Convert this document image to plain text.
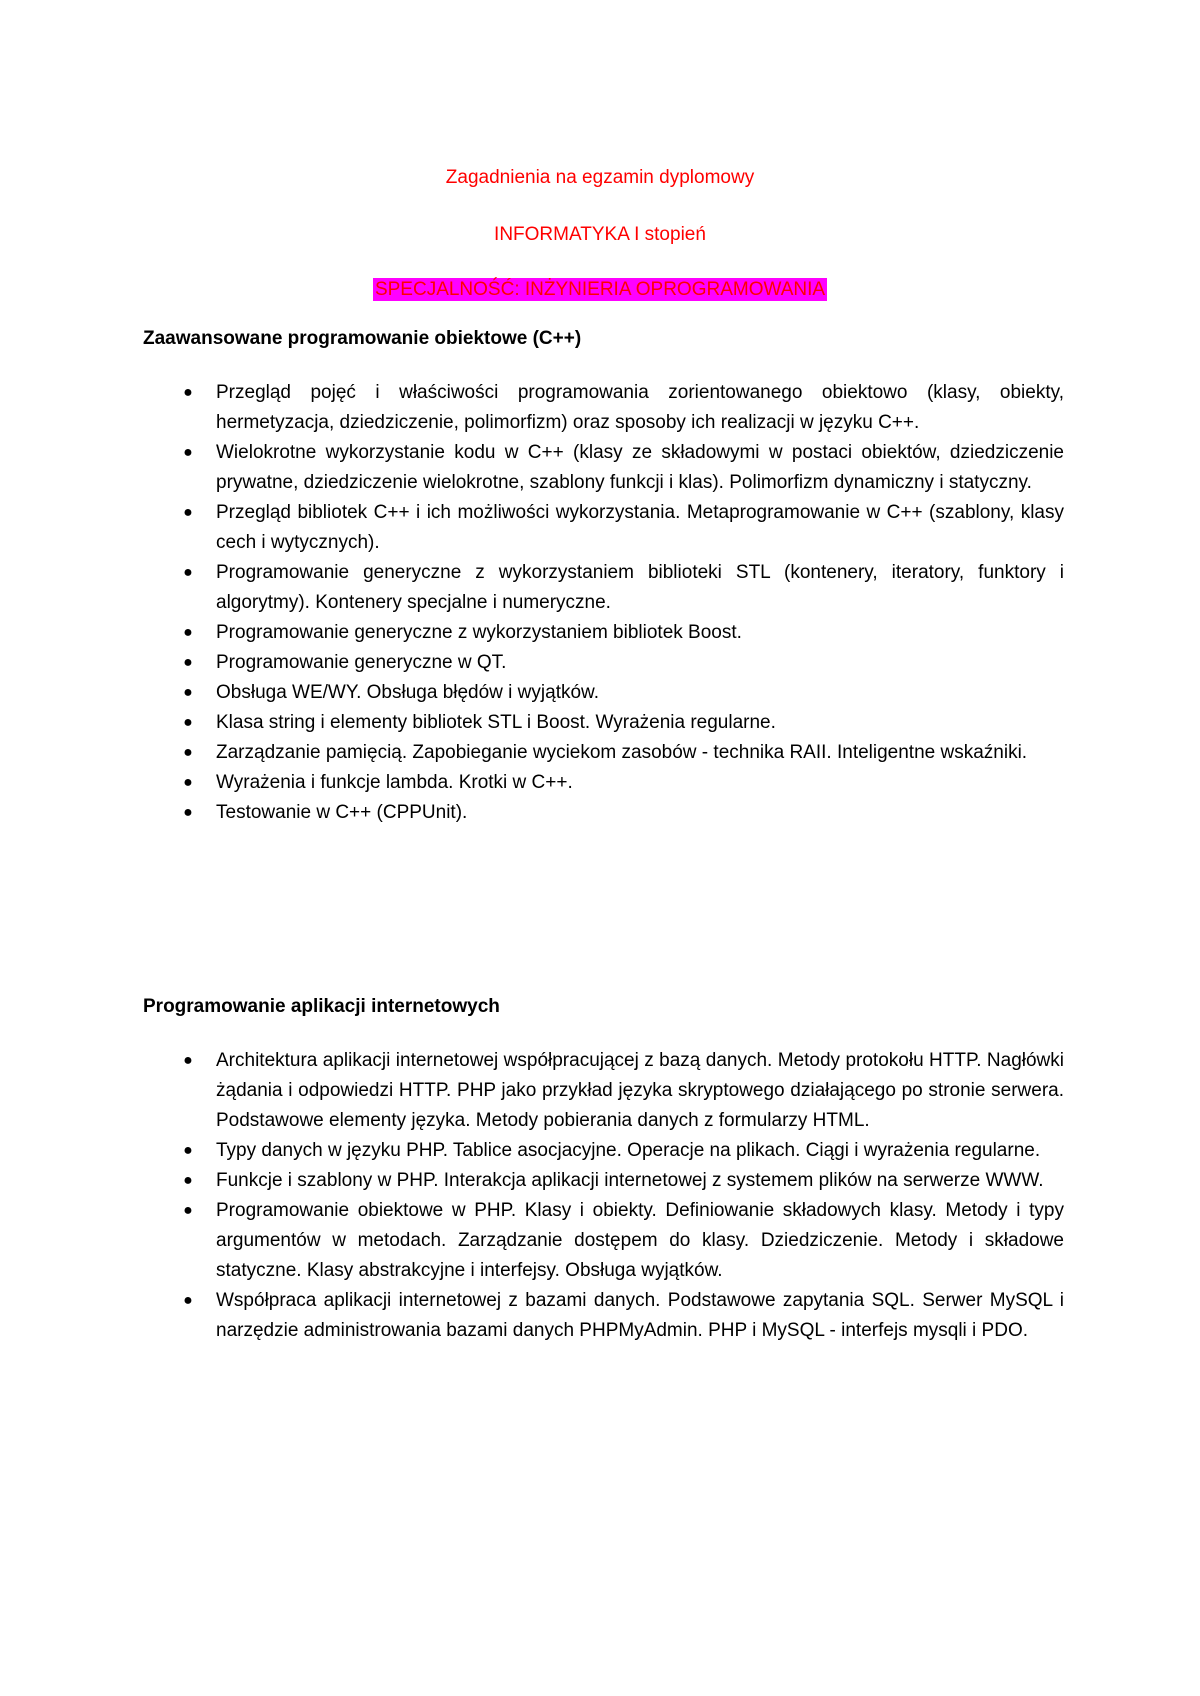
Zagadnienia na egzamin dyplomowy
INFORMATYKA I stopień
SPECJALNOŚĆ: INŻYNIERIA OPROGRAMOWANIA
Zaawansowane programowanie obiektowe (C++)
● Przegląd pojęć i właściwości programowania zorientowanego obiektowo (klasy, obiekty, hermetyzacja, dziedziczenie, polimorfizm) oraz sposoby ich realizacji w języku C++.
● Wielokrotne wykorzystanie kodu w C++ (klasy ze składowymi w postaci obiektów, dziedziczenie prywatne, dziedziczenie wielokrotne, szablony funkcji i klas). Polimorfizm dynamiczny i statyczny.
● Przegląd bibliotek C++ i ich możliwości wykorzystania. Metaprogramowanie w C++ (szablony, klasy cech i wytycznych).
● Programowanie generyczne z wykorzystaniem biblioteki STL (kontenery, iteratory, funktory i algorytmy). Kontenery specjalne i numeryczne.
● Programowanie generyczne z wykorzystaniem bibliotek Boost.
● Programowanie generyczne w QT.
● Obsługa WE/WY. Obsługa błędów i wyjątków.
● Klasa string i elementy bibliotek STL i Boost. Wyrażenia regularne.
● Zarządzanie pamięcią. Zapobieganie wyciekom zasobów - technika RAII. Inteligentne wskaźniki.
● Wyrażenia i funkcje lambda. Krotki w C++.
● Testowanie w C++ (CPPUnit).
Programowanie aplikacji internetowych
● Architektura aplikacji internetowej współpracującej z bazą danych. Metody protokołu HTTP. Nagłówki żądania i odpowiedzi HTTP. PHP jako przykład języka skryptowego działającego po stronie serwera. Podstawowe elementy języka. Metody pobierania danych z formularzy HTML.
● Typy danych w języku PHP. Tablice asocjacyjne. Operacje na plikach. Ciągi i wyrażenia regularne.
● Funkcje i szablony w PHP. Interakcja aplikacji internetowej z systemem plików na serwerze WWW.
● Programowanie obiektowe w PHP. Klasy i obiekty. Definiowanie składowych klasy. Metody i typy argumentów w metodach. Zarządzanie dostępem do klasy. Dziedziczenie. Metody i składowe statyczne. Klasy abstrakcyjne i interfejsy. Obsługa wyjątków.
● Współpraca aplikacji internetowej z bazami danych. Podstawowe zapytania SQL. Serwer MySQL i narzędzie administrowania bazami danych PHPMyAdmin. PHP i MySQL - interfejs mysqli i PDO.
